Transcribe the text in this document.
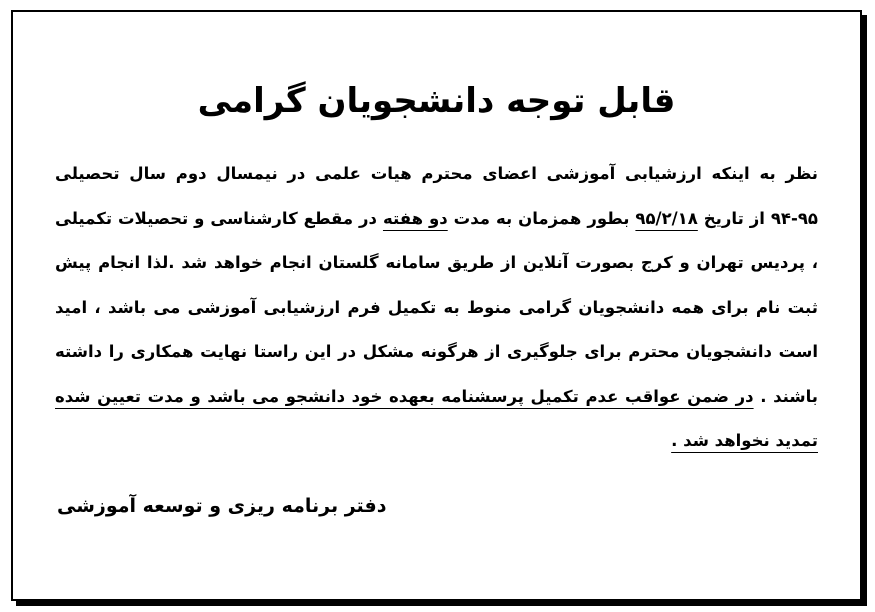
قابل توجه دانشجویان گرامی

نظر به اینکه ارزشیابی آموزشی اعضای محترم هیات علمی در نیمسال دوم سال تحصیلی ۹۵-۹۴ از تاریخ ۹۵/۲/۱۸ بطور همزمان به مدت دو هفته در مقطع کارشناسی و تحصیلات تکمیلی ، پردیس تهران و کرج بصورت آنلاین از طریق سامانه گلستان انجام خواهد شد .لذا انجام پیش ثبت نام برای همه دانشجویان گرامی منوط به تکمیل فرم ارزشیابی آموزشی می باشد ، امید است دانشجویان محترم برای جلوگیری از هرگونه مشکل در این راستا نهایت همکاری را داشته باشند . در ضمن عواقب عدم تکمیل پرسشنامه بعهده خود دانشجو می باشد و مدت تعیین شده تمدید نخواهد شد .

دفتر برنامه ریزی و توسعه آموزشی
